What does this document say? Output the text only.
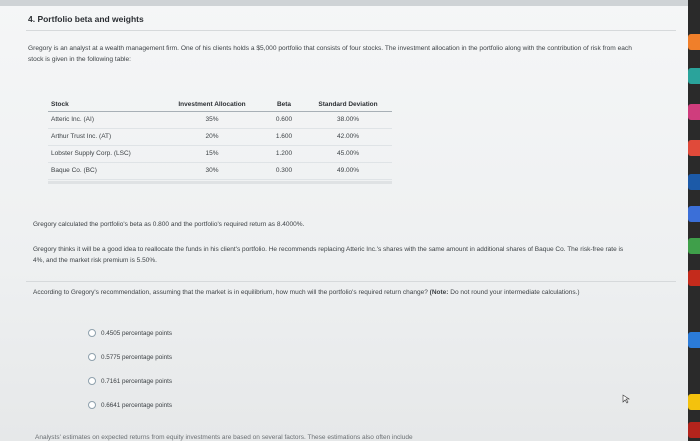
4. Portfolio beta and weights
Gregory is an analyst at a wealth management firm. One of his clients holds a $5,000 portfolio that consists of four stocks. The investment allocation in the portfolio along with the contribution of risk from each stock is given in the following table:
Stock	Investment Allocation	Beta	Standard Deviation
Atteric Inc. (AI)	35%	0.600	38.00%
Arthur Trust Inc. (AT)	20%	1.600	42.00%
Lobster Supply Corp. (LSC)	15%	1.200	45.00%
Baque Co. (BC)	30%	0.300	49.00%
Gregory calculated the portfolio's beta as 0.800 and the portfolio's required return as 8.4000%.
Gregory thinks it will be a good idea to reallocate the funds in his client's portfolio. He recommends replacing Atteric Inc.'s shares with the same amount in additional shares of Baque Co. The risk-free rate is 4%, and the market risk premium is 5.50%.
According to Gregory's recommendation, assuming that the market is in equilibrium, how much will the portfolio's required return change? (Note: Do not round your intermediate calculations.)
0.4505 percentage points
0.5775 percentage points
0.7161 percentage points
0.6641 percentage points
Analysts' estimates on expected returns from equity investments are based on several factors. These estimations also often include
